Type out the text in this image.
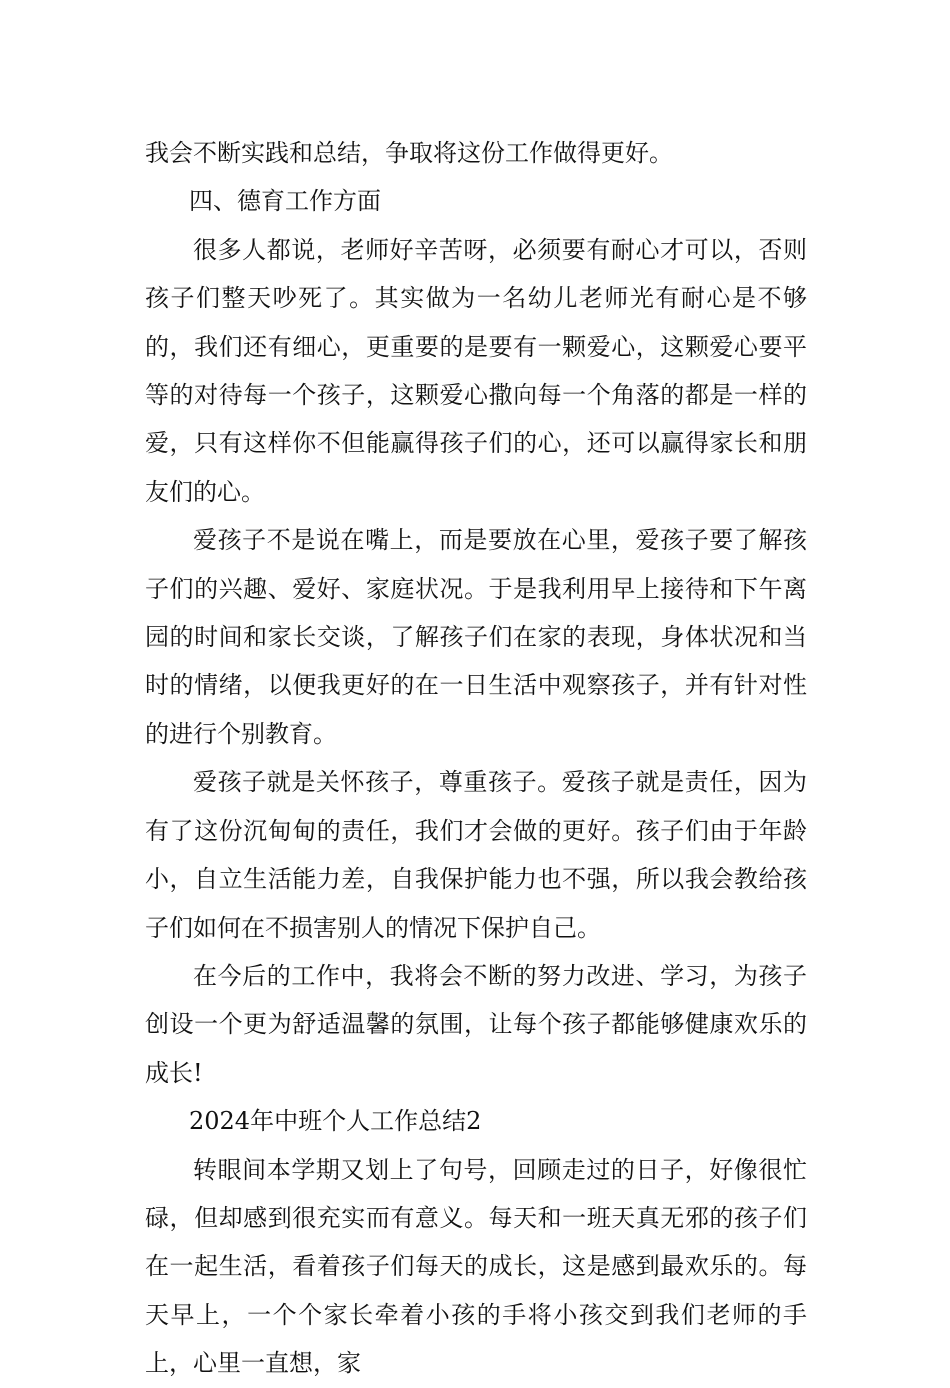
我会不断实践和总结，争取将这份工作做得更好。

四、德育工作方面

很多人都说，老师好辛苦呀，必须要有耐心才可以，否则孩子们整天吵死了。其实做为一名幼儿老师光有耐心是不够的，我们还有细心，更重要的是要有一颗爱心，这颗爱心要平等的对待每一个孩子，这颗爱心撒向每一个角落的都是一样的爱，只有这样你不但能赢得孩子们的心，还可以赢得家长和朋友们的心。

爱孩子不是说在嘴上，而是要放在心里，爱孩子要了解孩子们的兴趣、爱好、家庭状况。于是我利用早上接待和下午离园的时间和家长交谈，了解孩子们在家的表现，身体状况和当时的情绪，以便我更好的在一日生活中观察孩子，并有针对性的进行个别教育。

爱孩子就是关怀孩子，尊重孩子。爱孩子就是责任，因为有了这份沉甸甸的责任，我们才会做的更好。孩子们由于年龄小，自立生活能力差，自我保护能力也不强，所以我会教给孩子们如何在不损害别人的情况下保护自己。

在今后的工作中，我将会不断的努力改进、学习，为孩子创设一个更为舒适温馨的氛围，让每个孩子都能够健康欢乐的成长!

2024年中班个人工作总结2

转眼间本学期又划上了句号，回顾走过的日子，好像很忙碌，但却感到很充实而有意义。每天和一班天真无邪的孩子们在一起生活，看着孩子们每天的成长，这是感到最欢乐的。每天早上，一个个家长牵着小孩的手将小孩交到我们老师的手上，心里一直想，家
